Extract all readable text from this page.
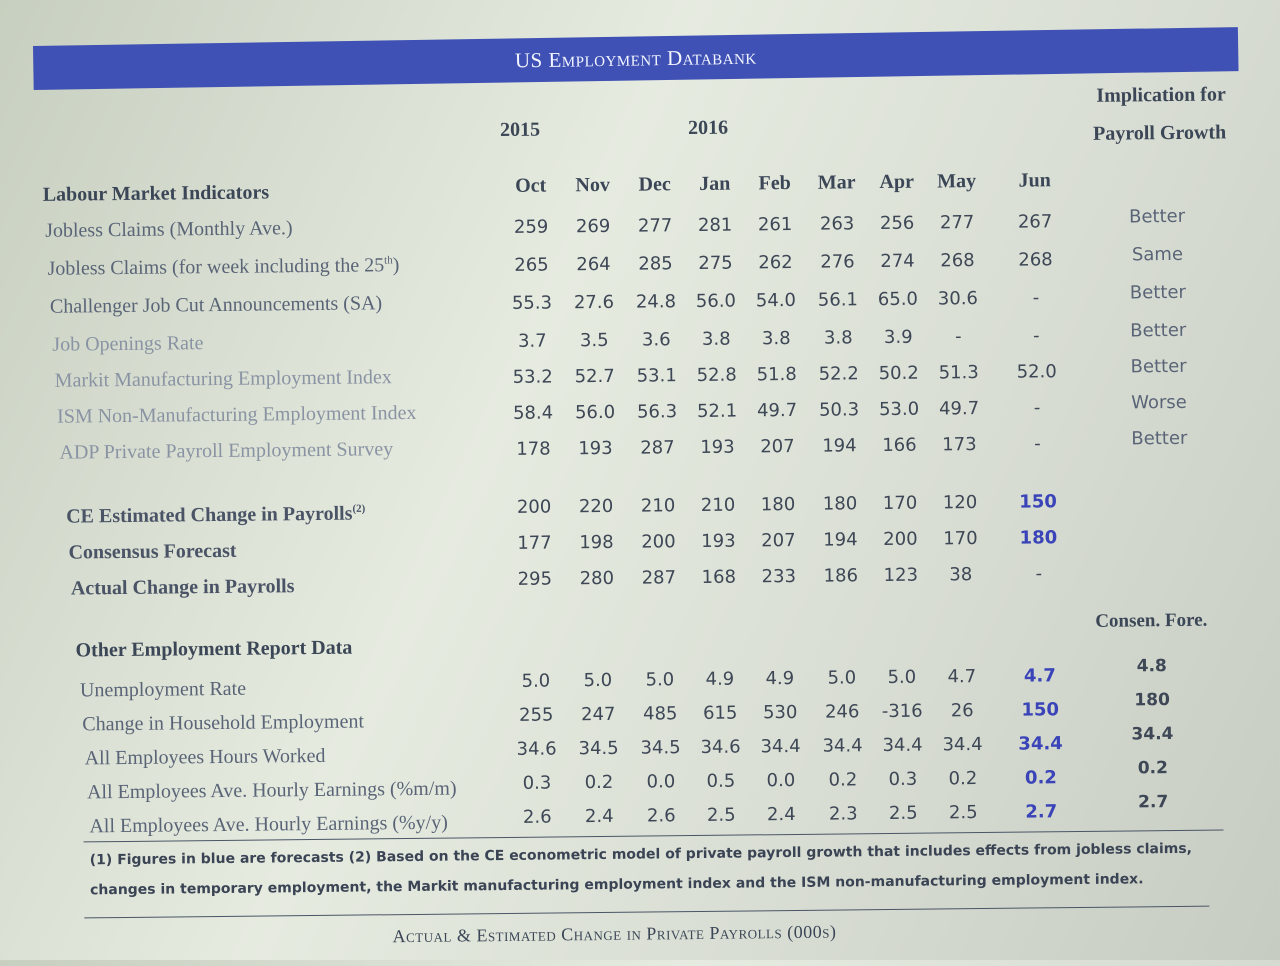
US Employment Databank
2015	2016
Implication for
Payroll Growth
Labour Market Indicators	Oct	Nov	Dec	Jan	Feb	Mar	Apr	May	Jun
Jobless Claims (Monthly Ave.)	259	269	277	281	261	263	256	277	267	Better
Jobless Claims (for week including the 25th)	265	264	285	275	262	276	274	268	268	Same
Challenger Job Cut Announcements (SA)	55.3	27.6	24.8	56.0	54.0	56.1	65.0	30.6	-	Better
Job Openings Rate	3.7	3.5	3.6	3.8	3.8	3.8	3.9	-	-	Better
Markit Manufacturing Employment Index	53.2	52.7	53.1	52.8	51.8	52.2	50.2	51.3	52.0	Better
ISM Non-Manufacturing Employment Index	58.4	56.0	56.3	52.1	49.7	50.3	53.0	49.7	-	Worse
ADP Private Payroll Employment Survey	178	193	287	193	207	194	166	173	-	Better
CE Estimated Change in Payrolls$^{(2)}$	200	220	210	210	180	180	170	120	150
Consensus Forecast	177	198	200	193	207	194	200	170	180
Actual Change in Payrolls	295	280	287	168	233	186	123	38	-
Other Employment Report Data
Consen. Fore.
Unemployment Rate	5.0	5.0	5.0	4.9	4.9	5.0	5.0	4.7	4.7	4.8
Change in Household Employment	255	247	485	615	530	246	-316	26	150	180
All Employees Hours Worked	34.6	34.5	34.5	34.6	34.4	34.4	34.4	34.4	34.4	34.4
All Employees Ave. Hourly Earnings (%m/m)	0.3	0.2	0.0	0.5	0.0	0.2	0.3	0.2	0.2	0.2
All Employees Ave. Hourly Earnings (%y/y)	2.6	2.4	2.6	2.5	2.4	2.3	2.5	2.5	2.7	2.7
(1) Figures in blue are forecasts (2) Based on the CE econometric model of private payroll growth that includes effects from jobless claims, changes in temporary employment, the Markit manufacturing employment index and the ISM non-manufacturing employment index.
Actual & Estimated Change in Private Payrolls (000s)
